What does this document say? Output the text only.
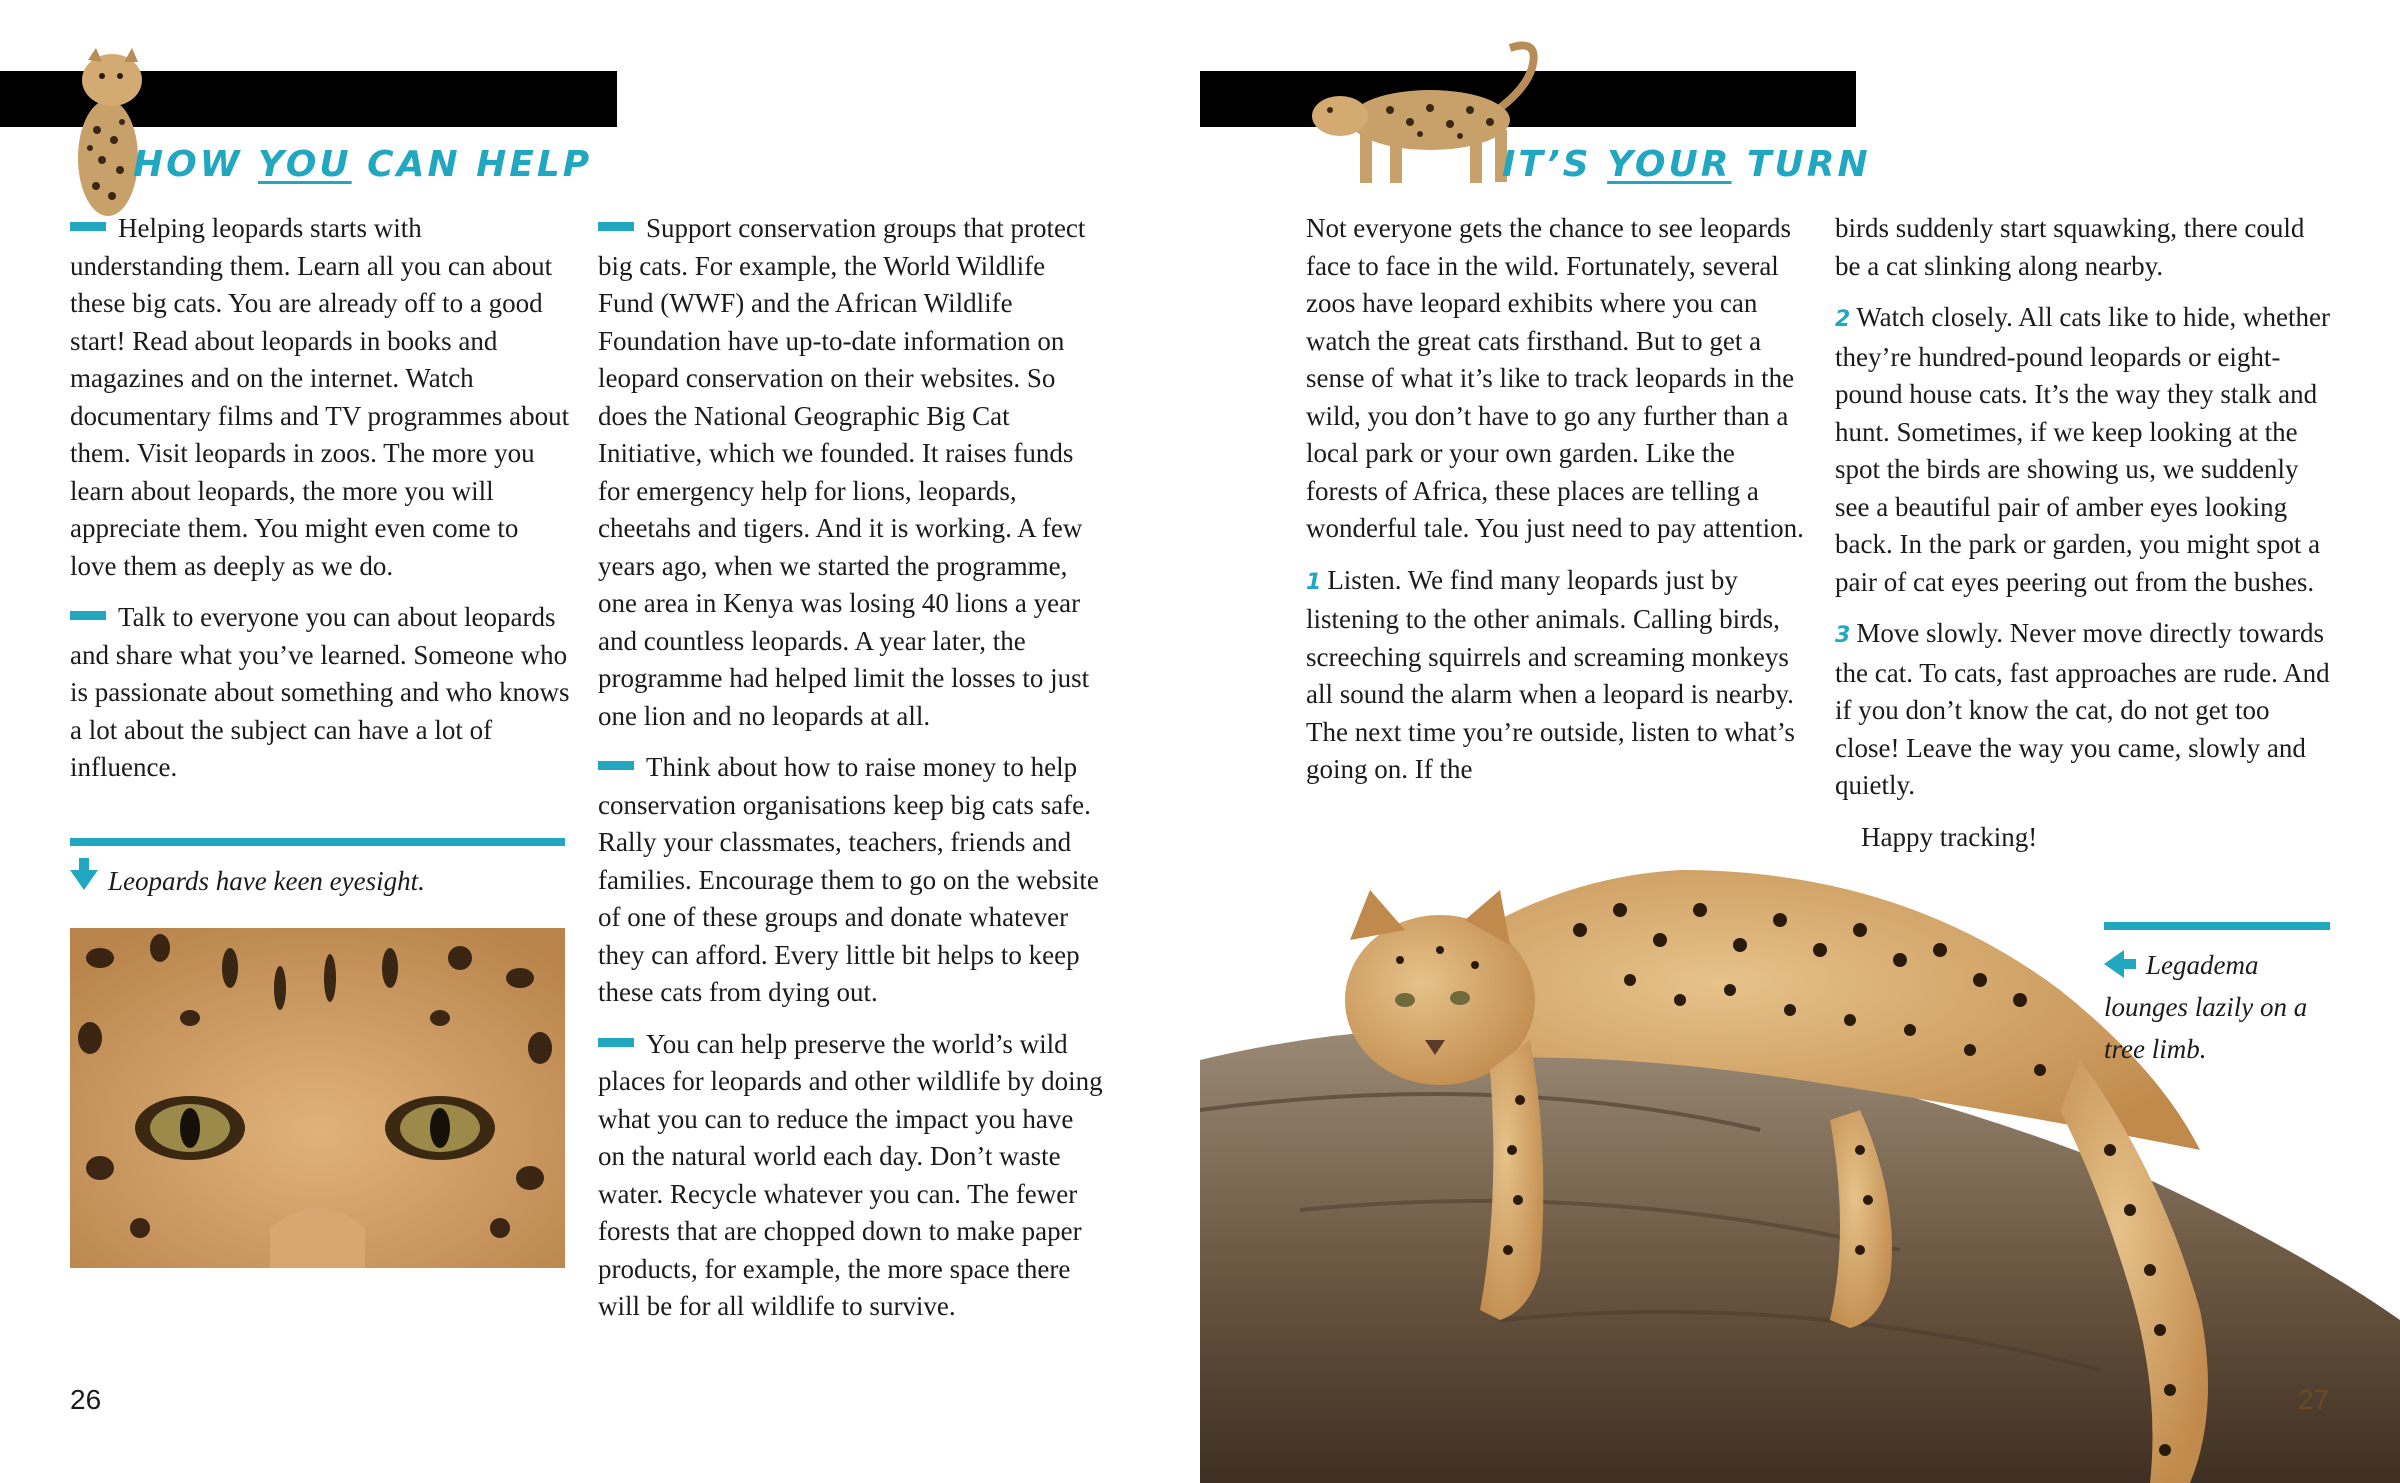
HOW YOU CAN HELP

Helping leopards starts with understanding them. Learn all you can about these big cats. You are already off to a good start! Read about leopards in books and magazines and on the internet. Watch documentary films and TV programmes about them. Visit leopards in zoos. The more you learn about leopards, the more you will appreciate them. You might even come to love them as deeply as we do.

Talk to everyone you can about leopards and share what you’ve learned. Someone who is passionate about something and who knows a lot about the subject can have a lot of influence.

Leopards have keen eyesight.

Support conservation groups that protect big cats. For example, the World Wildlife Fund (WWF) and the African Wildlife Foundation have up-to-date information on leopard conservation on their websites. So does the National Geographic Big Cat Initiative, which we founded. It raises funds for emergency help for lions, leopards, cheetahs and tigers. And it is working. A few years ago, when we started the programme, one area in Kenya was losing 40 lions a year and countless leopards. A year later, the programme had helped limit the losses to just one lion and no leopards at all.

Think about how to raise money to help conservation organisations keep big cats safe. Rally your classmates, teachers, friends and families. Encourage them to go on the website of one of these groups and donate whatever they can afford. Every little bit helps to keep these cats from dying out.

You can help preserve the world’s wild places for leopards and other wildlife by doing what you can to reduce the impact you have on the natural world each day. Don’t waste water. Recycle whatever you can. The fewer forests that are chopped down to make paper products, for example, the more space there will be for all wildlife to survive.

26
IT’S YOUR TURN

Not everyone gets the chance to see leopards face to face in the wild. Fortunately, several zoos have leopard exhibits where you can watch the great cats firsthand. But to get a sense of what it’s like to track leopards in the wild, you don’t have to go any further than a local park or your own garden. Like the forests of Africa, these places are telling a wonderful tale. You just need to pay attention.

1 Listen. We find many leopards just by listening to the other animals. Calling birds, screeching squirrels and screaming monkeys all sound the alarm when a leopard is nearby. The next time you’re outside, listen to what’s going on. If the

birds suddenly start squawking, there could be a cat slinking along nearby.

2 Watch closely. All cats like to hide, whether they’re hundred-pound leopards or eight-pound house cats. It’s the way they stalk and hunt. Sometimes, if we keep looking at the spot the birds are showing us, we suddenly see a beautiful pair of amber eyes looking back. In the park or garden, you might spot a pair of cat eyes peering out from the bushes.

3 Move slowly. Never move directly towards the cat. To cats, fast approaches are rude. And if you don’t know the cat, do not get too close! Leave the way you came, slowly and quietly.

Happy tracking!

Legadema lounges lazily on a tree limb.
27
